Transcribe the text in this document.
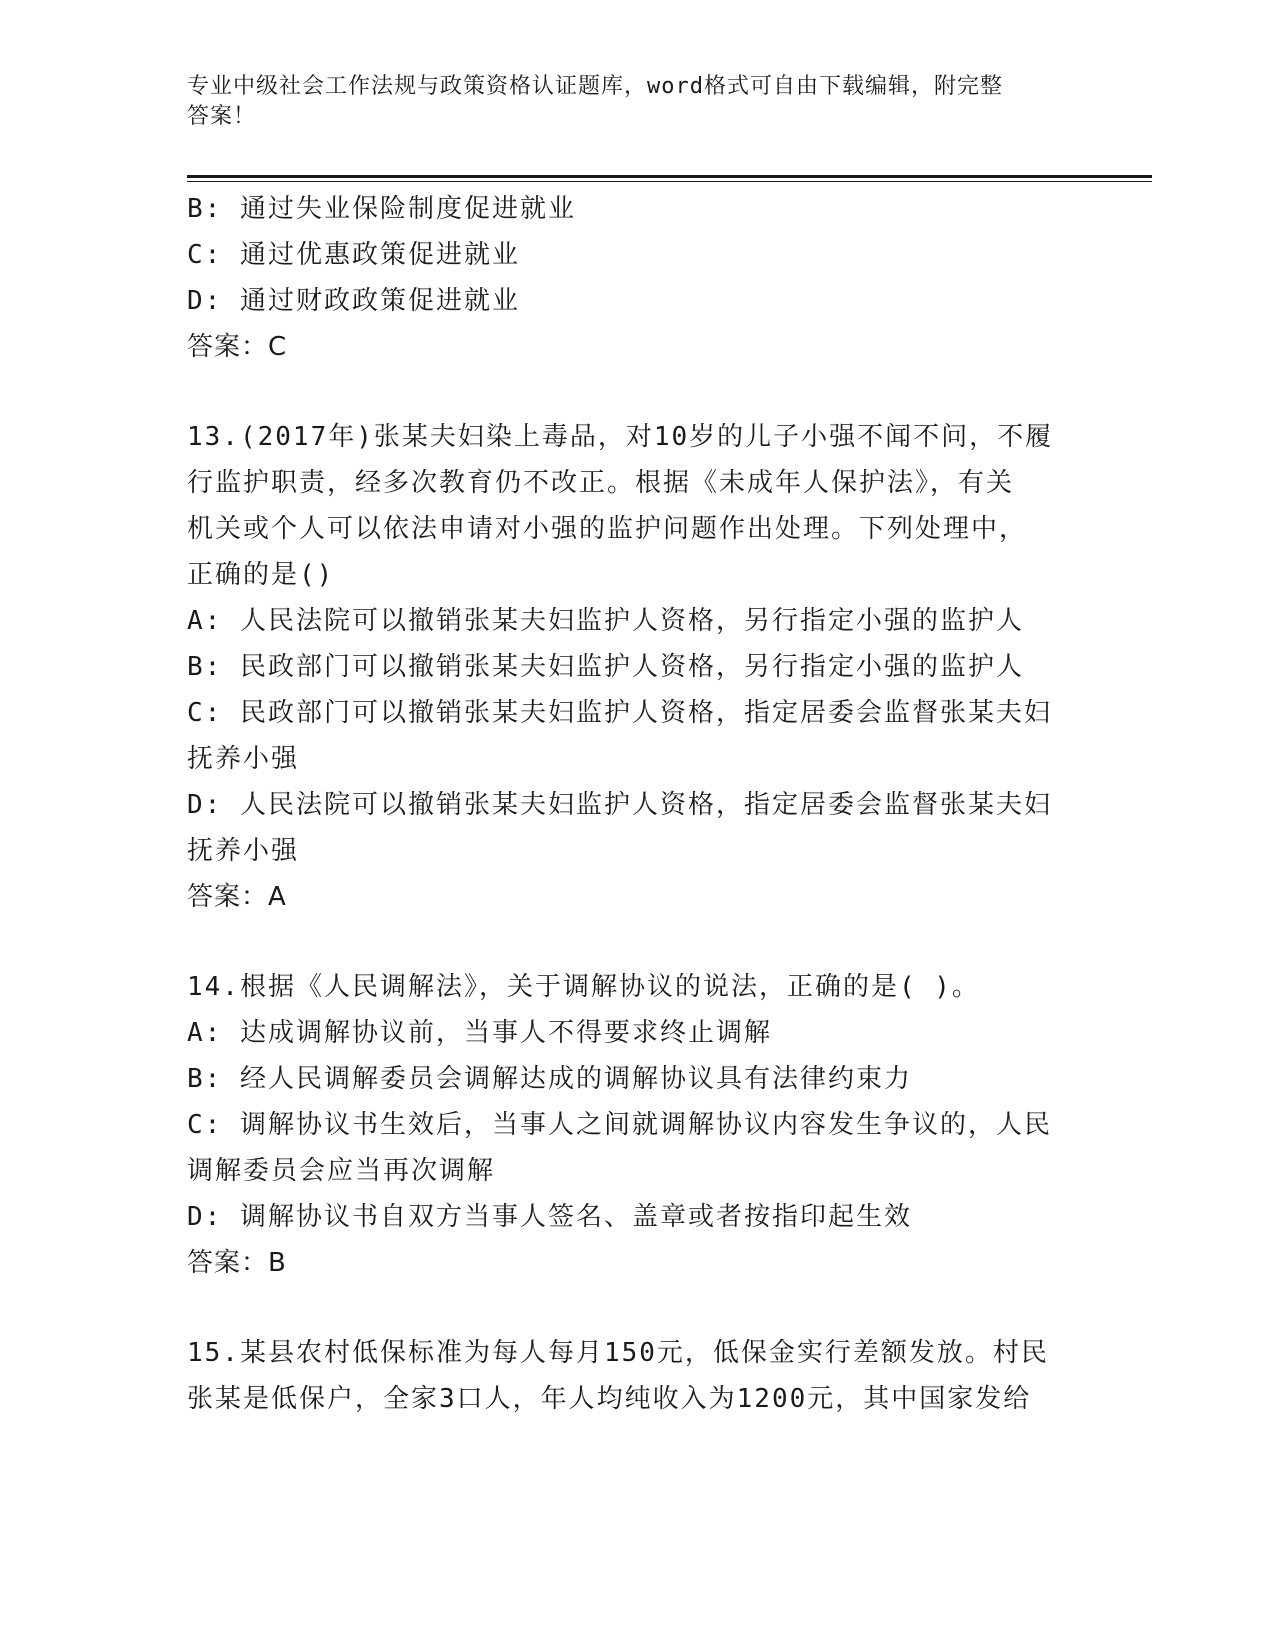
专业中级社会工作法规与政策资格认证题库，word格式可自由下载编辑，附完整
答案！
B: 通过失业保险制度促进就业
C: 通过优惠政策促进就业
D: 通过财政政策促进就业
答案：C
13.(2017年)张某夫妇染上毒品，对10岁的儿子小强不闻不问，不履
行监护职责，经多次教育仍不改正。根据《未成年人保护法》，有关
机关或个人可以依法申请对小强的监护问题作出处理。下列处理中，
正确的是()
A: 人民法院可以撤销张某夫妇监护人资格，另行指定小强的监护人
B: 民政部门可以撤销张某夫妇监护人资格，另行指定小强的监护人
C: 民政部门可以撤销张某夫妇监护人资格，指定居委会监督张某夫妇
抚养小强
D: 人民法院可以撤销张某夫妇监护人资格，指定居委会监督张某夫妇
抚养小强
答案：A
14.根据《人民调解法》，关于调解协议的说法，正确的是( )。
A: 达成调解协议前，当事人不得要求终止调解
B: 经人民调解委员会调解达成的调解协议具有法律约束力
C: 调解协议书生效后，当事人之间就调解协议内容发生争议的，人民
调解委员会应当再次调解
D: 调解协议书自双方当事人签名、盖章或者按指印起生效
答案：B
15.某县农村低保标准为每人每月150元，低保金实行差额发放。村民
张某是低保户，全家3口人，年人均纯收入为1200元，其中国家发给
